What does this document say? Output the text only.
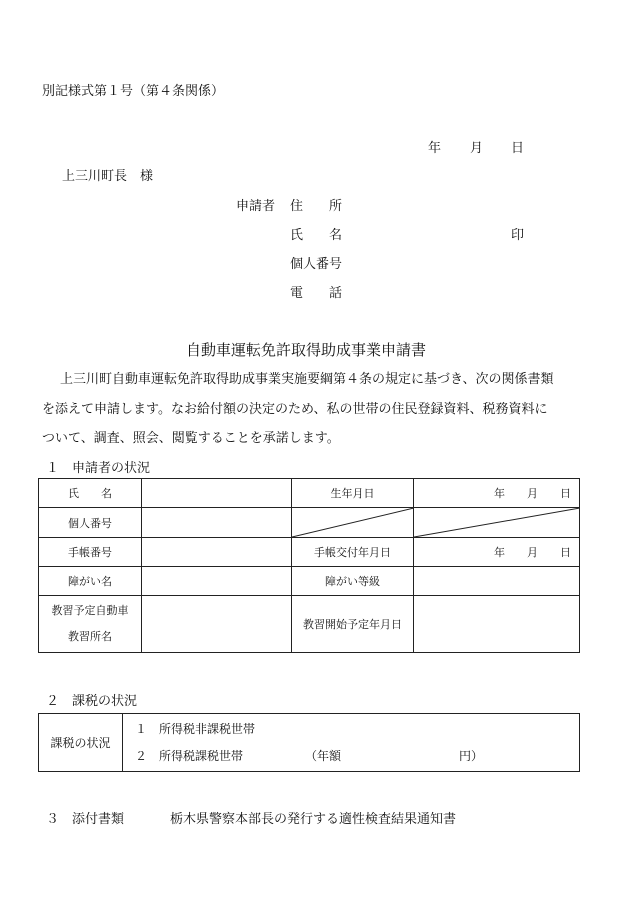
別記様式第１号（第４条関係）
年 月 日
上三川町長　様
申請者 住　　所
氏　　名	印
個人番号
電　　話
自動車運転免許取得助成事業申請書
上三川町自動車運転免許取得助成事業実施要綱第４条の規定に基づき、次の関係書類
を添えて申請します。なお給付額の決定のため、私の世帯の住民登録資料、税務資料に
ついて、調査、照会、閲覧することを承諾します。
１　申請者の状況
氏　　名		生年月日	年 月 日
個人番号		

手帳番号		手帳交付年月日	年 月 日
障がい名		障がい等級	

教習予定自動車
教習所名		教習開始予定年月日	
２　課税の状況
課税の状況	
１　所得税非課税世帯
２　所得税課税世帯	（年額	円）
３　添付書類	栃木県警察本部長の発行する適性検査結果通知書
